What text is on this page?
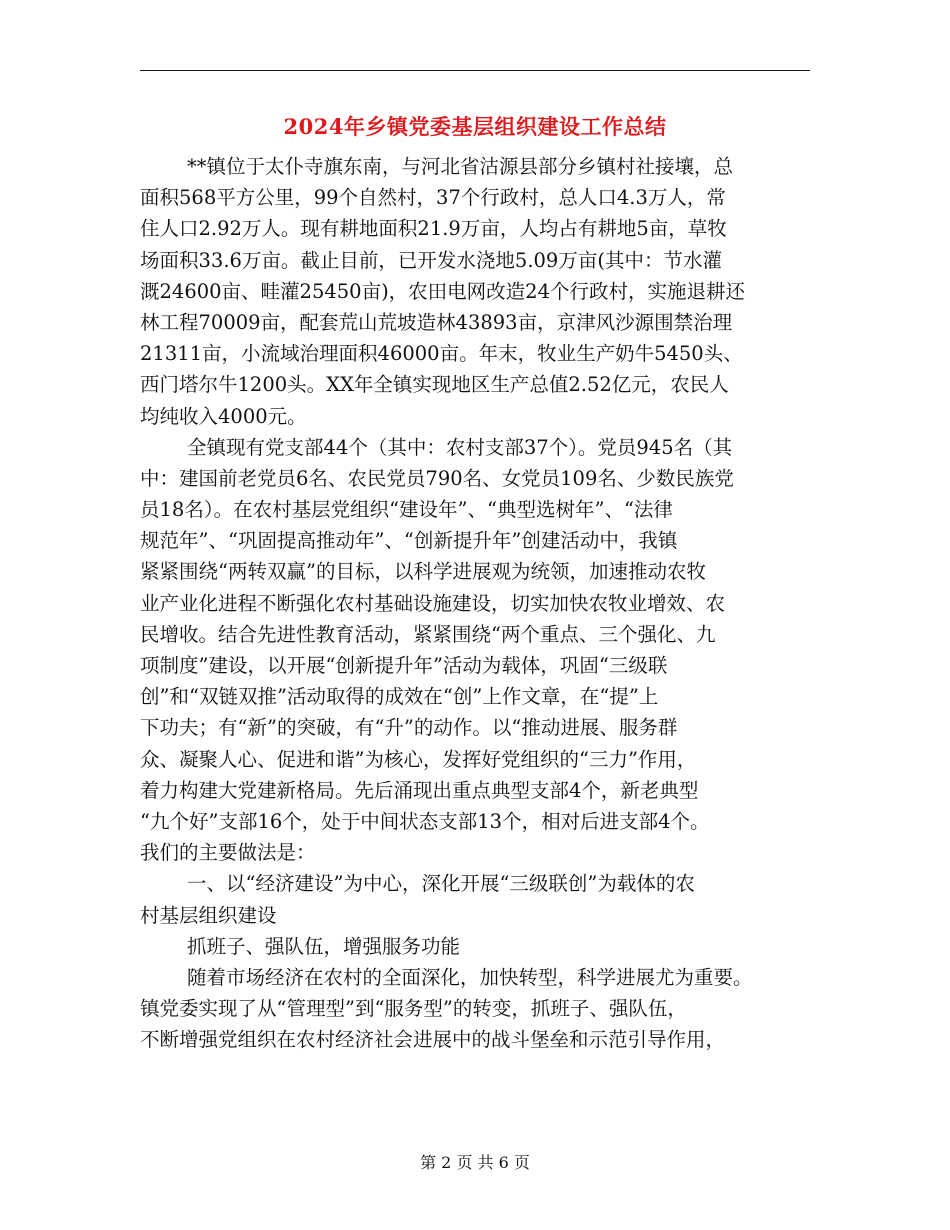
2024年乡镇党委基层组织建设工作总结
**镇位于太仆寺旗东南，与河北省沽源县部分乡镇村社接壤，总
面积568平方公里，99个自然村，37个行政村，总人口4.3万人，常
住人口2.92万人。现有耕地面积21.9万亩，人均占有耕地5亩，草牧
场面积33.6万亩。截止目前，已开发水浇地5.09万亩(其中：节水灌
溉24600亩、畦灌25450亩)，农田电网改造24个行政村，实施退耕还
林工程70009亩，配套荒山荒坡造林43893亩，京津风沙源围禁治理
21311亩，小流域治理面积46000亩。年末，牧业生产奶牛5450头、
西门塔尔牛1200头。XX年全镇实现地区生产总值2.52亿元，农民人
均纯收入4000元。
全镇现有党支部44个（其中：农村支部37个）。党员945名（其
中：建国前老党员6名、农民党员790名、女党员109名、少数民族党
员18名）。在农村基层党组织“建设年”、“典型选树年”、“法律
规范年”、“巩固提高推动年”、“创新提升年”创建活动中，我镇
紧紧围绕“两转双赢”的目标，以科学进展观为统领，加速推动农牧
业产业化进程不断强化农村基础设施建设，切实加快农牧业增效、农
民增收。结合先进性教育活动，紧紧围绕“两个重点、三个强化、九
项制度”建设，以开展“创新提升年”活动为载体，巩固“三级联
创”和“双链双推”活动取得的成效在“创”上作文章，在“提”上
下功夫；有“新”的突破，有“升”的动作。以“推动进展、服务群
众、凝聚人心、促进和谐”为核心，发挥好党组织的“三力”作用，
着力构建大党建新格局。先后涌现出重点典型支部4个，新老典型
“九个好”支部16个，处于中间状态支部13个，相对后进支部4个。
我们的主要做法是：
一、以“经济建设”为中心，深化开展“三级联创”为载体的农
村基层组织建设
抓班子、强队伍，增强服务功能
随着市场经济在农村的全面深化，加快转型，科学进展尤为重要。
镇党委实现了从“管理型”到“服务型”的转变，抓班子、强队伍，
不断增强党组织在农村经济社会进展中的战斗堡垒和示范引导作用，
第 2 页 共 6 页
